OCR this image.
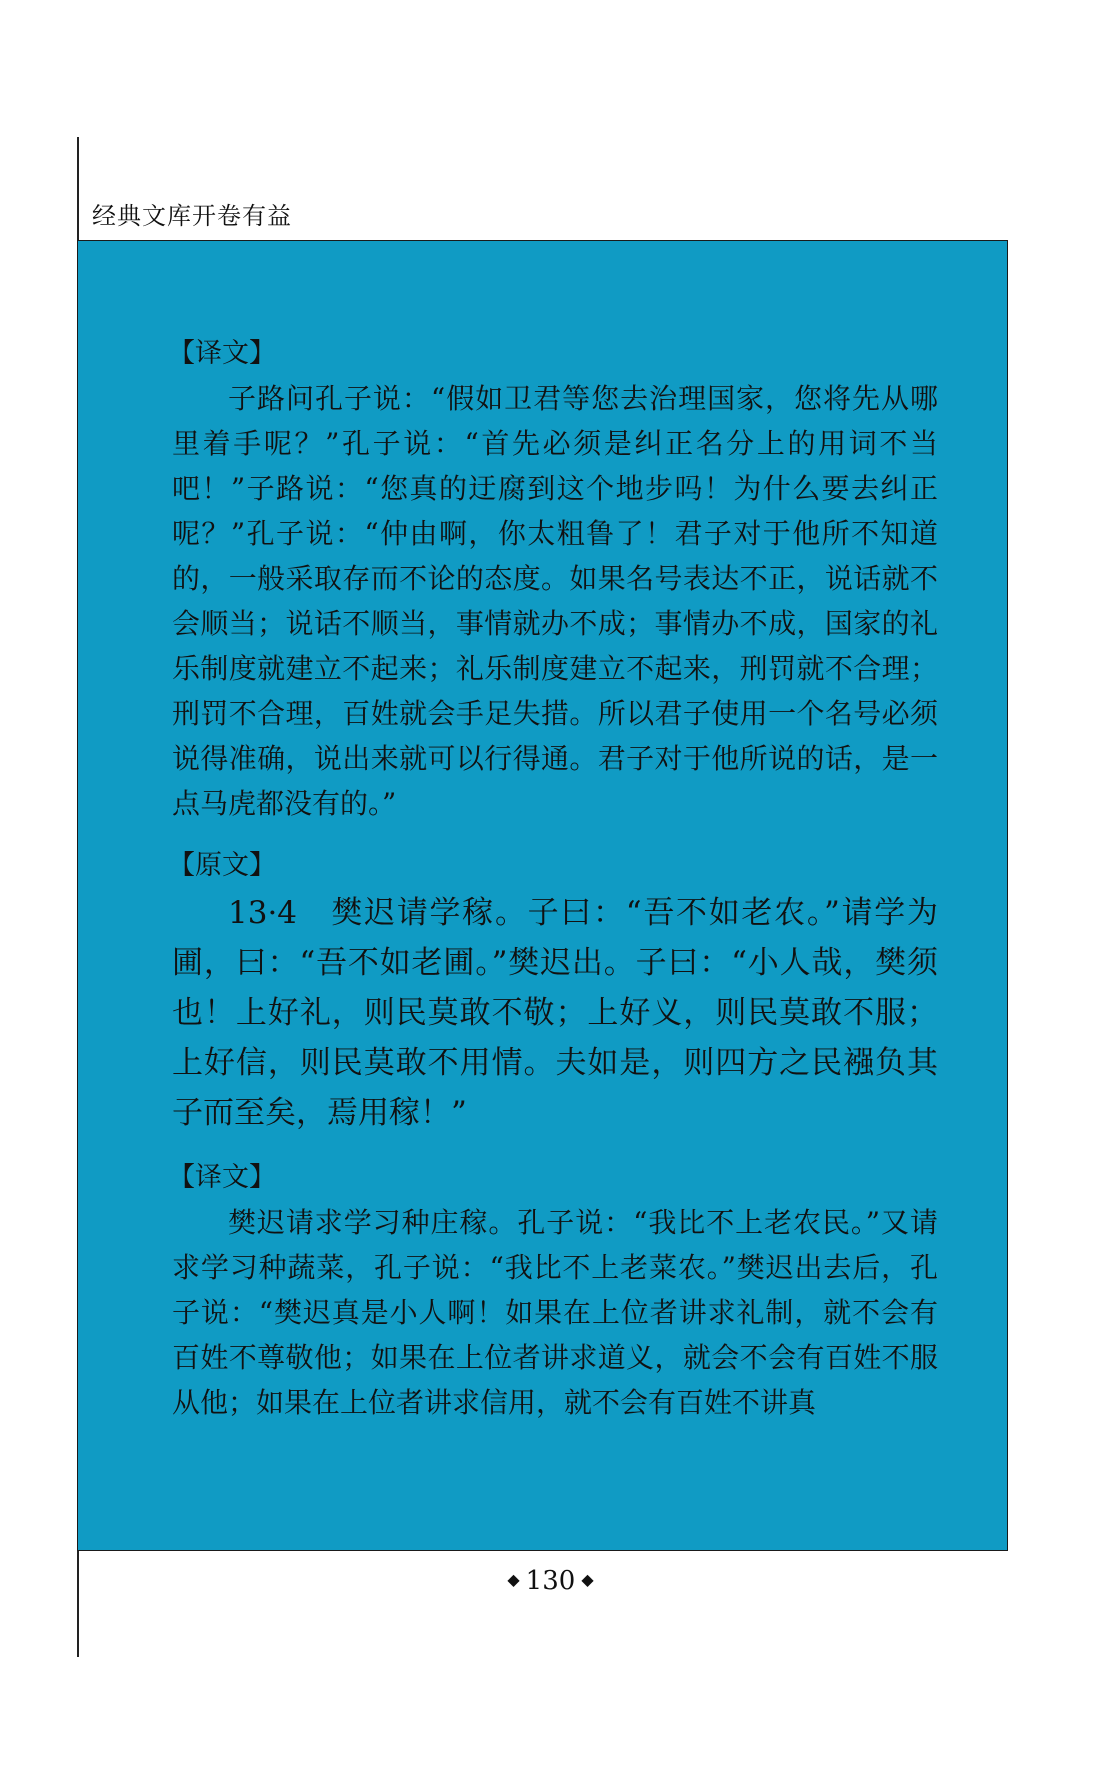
经典文库开卷有益
【译文】

子路问孔子说：“假如卫君等您去治理国家，您将先从哪里着手呢？”孔子说：“首先必须是纠正名分上的用词不当吧！”子路说：“您真的迂腐到这个地步吗！为什么要去纠正呢？”孔子说：“仲由啊，你太粗鲁了！君子对于他所不知道的，一般采取存而不论的态度。如果名号表达不正，说话就不会顺当；说话不顺当，事情就办不成；事情办不成，国家的礼乐制度就建立不起来；礼乐制度建立不起来，刑罚就不合理；刑罚不合理，百姓就会手足失措。所以君子使用一个名号必须说得准确，说出来就可以行得通。君子对于他所说的话，是一点马虎都没有的。”

【原文】

13·4　樊迟请学稼。子曰：“吾不如老农。”请学为圃，曰：“吾不如老圃。”樊迟出。子曰：“小人哉，樊须也！上好礼，则民莫敢不敬；上好义，则民莫敢不服；上好信，则民莫敢不用情。夫如是，则四方之民襁负其子而至矣，焉用稼！”

【译文】

樊迟请求学习种庄稼。孔子说：“我比不上老农民。”又请求学习种蔬菜，孔子说：“我比不上老菜农。”樊迟出去后，孔子说：“樊迟真是小人啊！如果在上位者讲求礼制，就不会有百姓不尊敬他；如果在上位者讲求道义，就会不会有百姓不服从他；如果在上位者讲求信用，就不会有百姓不讲真

◆ 130 ◆
